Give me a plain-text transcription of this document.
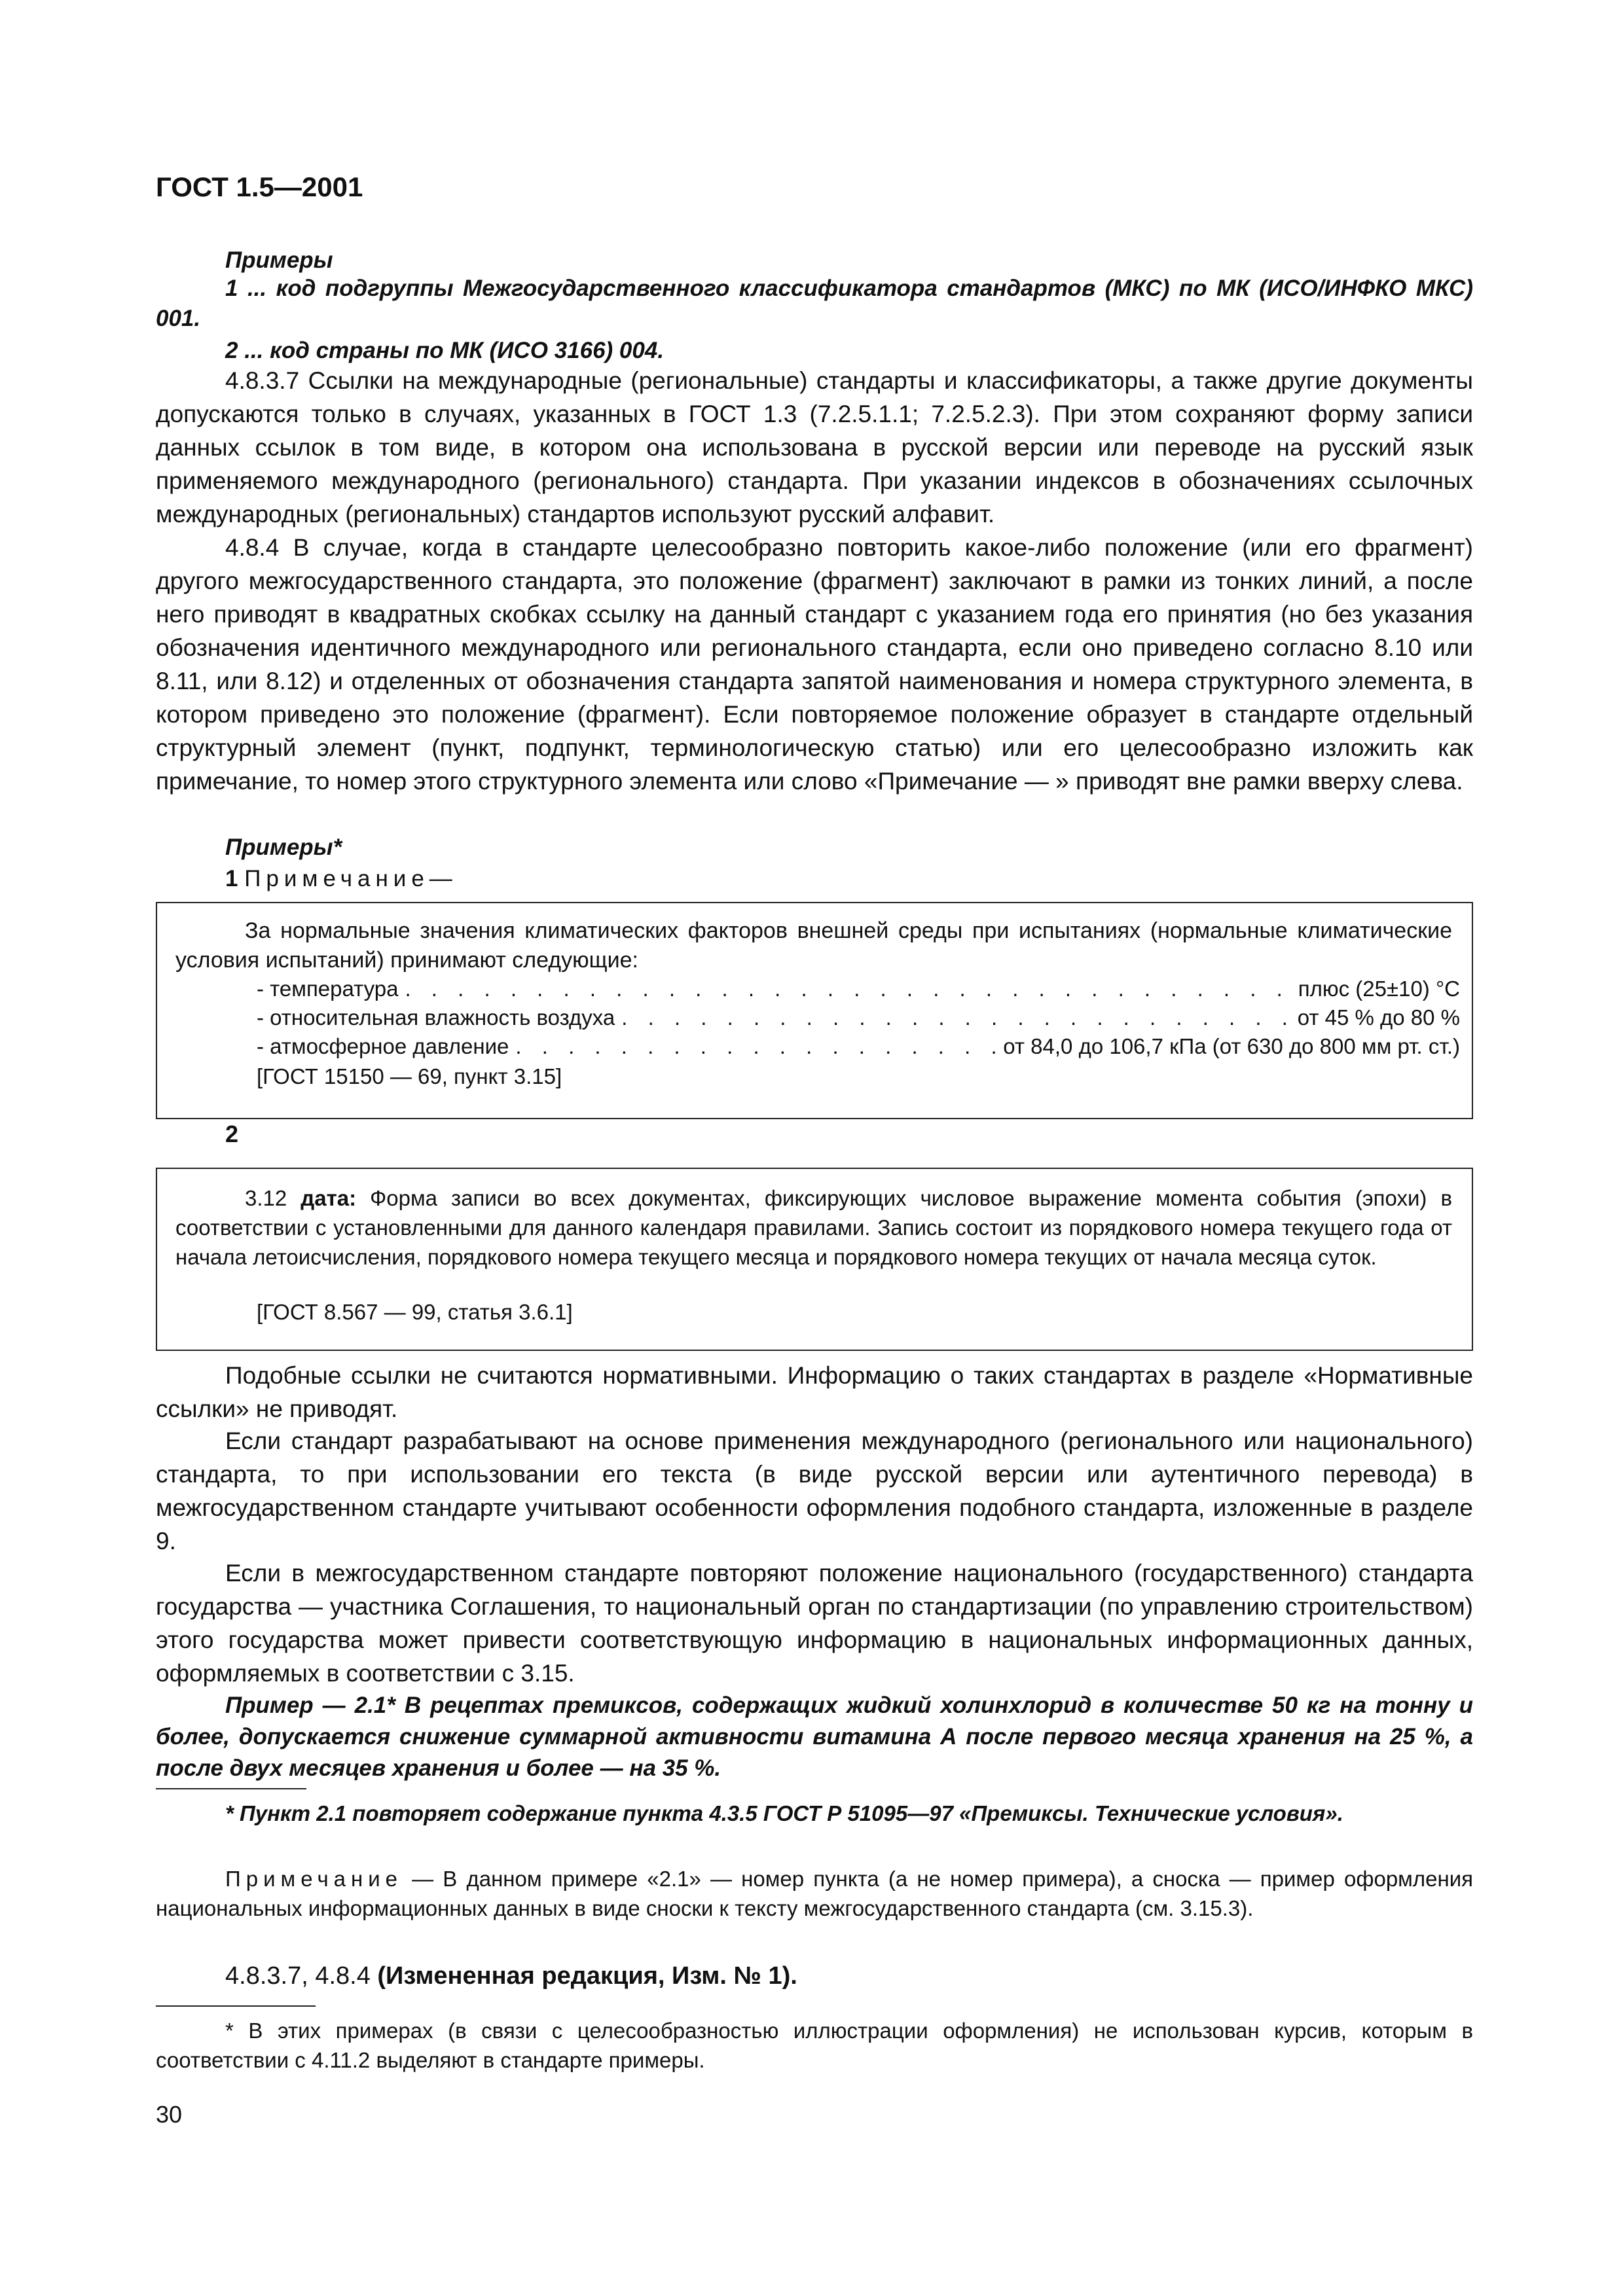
ГОСТ 1.5—2001
Примеры
1 ... код подгруппы Межгосударственного классификатора стандартов (МКС) по МК (ИСО/ИНФКО МКС) 001.
2 ... код страны по МК (ИСО 3166) 004.

4.8.3.7 Ссылки на международные (региональные) стандарты и классификаторы, а также другие документы допускаются только в случаях, указанных в ГОСТ 1.3 (7.2.5.1.1; 7.2.5.2.3). При этом сохраняют форму записи данных ссылок в том виде, в котором она использована в русской версии или переводе на русский язык применяемого международного (регионального) стандарта. При указании индексов в обозначениях ссылочных международных (региональных) стандартов используют русский алфавит.

4.8.4 В случае, когда в стандарте целесообразно повторить какое-либо положение (или его фрагмент) другого межгосударственного стандарта, это положение (фрагмент) заключают в рамки из тонких линий, а после него приводят в квадратных скобках ссылку на данный стандарт с указанием года его принятия (но без указания обозначения идентичного международного или регионального стандарта, если оно приведено согласно 8.10 или 8.11, или 8.12) и отделенных от обозначения стандарта запятой наименования и номера структурного элемента, в котором приведено это положение (фрагмент). Если повторяемое положение образует в стандарте отдельный структурный элемент (пункт, подпункт, терминологическую статью) или его целесообразно изложить как примечание, то номер этого структурного элемента или слово «Примечание — » приводят вне рамки вверху слева.

Примеры*
1 Примечание—

За нормальные значения климатических факторов внешней среды при испытаниях (нормальные климатические условия испытаний) принимают следующие:

- температура . . .	плюс (25±10) °С
- относительная влажность воздуха . . .	от 45 % до 80 %
- атмосферное давление . . .	от 84,0 до 106,7 кПа (от 630 до 800 мм рт. ст.)
[ГОСТ 15150 — 69, пункт 3.15]
2

3.12 дата: Форма записи во всех документах, фиксирующих числовое выражение момента события (эпохи) в соответствии с установленными для данного календаря правилами. Запись состоит из порядкового номера текущего года от начала летоисчисления, порядкового номера текущего месяца и порядкового номера текущих от начала месяца суток.

[ГОСТ 8.567 — 99, статья 3.6.1]

Подобные ссылки не считаются нормативными. Информацию о таких стандартах в разделе «Нормативные ссылки» не приводят.

Если стандарт разрабатывают на основе применения международного (регионального или национального) стандарта, то при использовании его текста (в виде русской версии или аутентичного перевода) в межгосударственном стандарте учитывают особенности оформления подобного стандарта, изложенные в разделе 9.

Если в межгосударственном стандарте повторяют положение национального (государственного) стандарта государства — участника Соглашения, то национальный орган по стандартизации (по управлению строительством) этого государства может привести соответствующую информацию в национальных информационных данных, оформляемых в соответствии с 3.15.

Пример — 2.1* В рецептах премиксов, содержащих жидкий холинхлорид в количестве 50 кг на тонну и более, допускается снижение суммарной активности витамина А после первого месяца хранения на 25 %, а после двух месяцев хранения и более — на 35 %.

* Пункт 2.1 повторяет содержание пункта 4.3.5 ГОСТ Р 51095—97 «Премиксы. Технические условия».

Примечание — В данном примере «2.1» — номер пункта (а не номер примера), а сноска — пример оформления национальных информационных данных в виде сноски к тексту межгосударственного стандарта (см. 3.15.3).

4.8.3.7, 4.8.4 (Измененная редакция, Изм. № 1).

* В этих примерах (в связи с целесообразностью иллюстрации оформления) не использован курсив, которым в соответствии с 4.11.2 выделяют в стандарте примеры.

30
